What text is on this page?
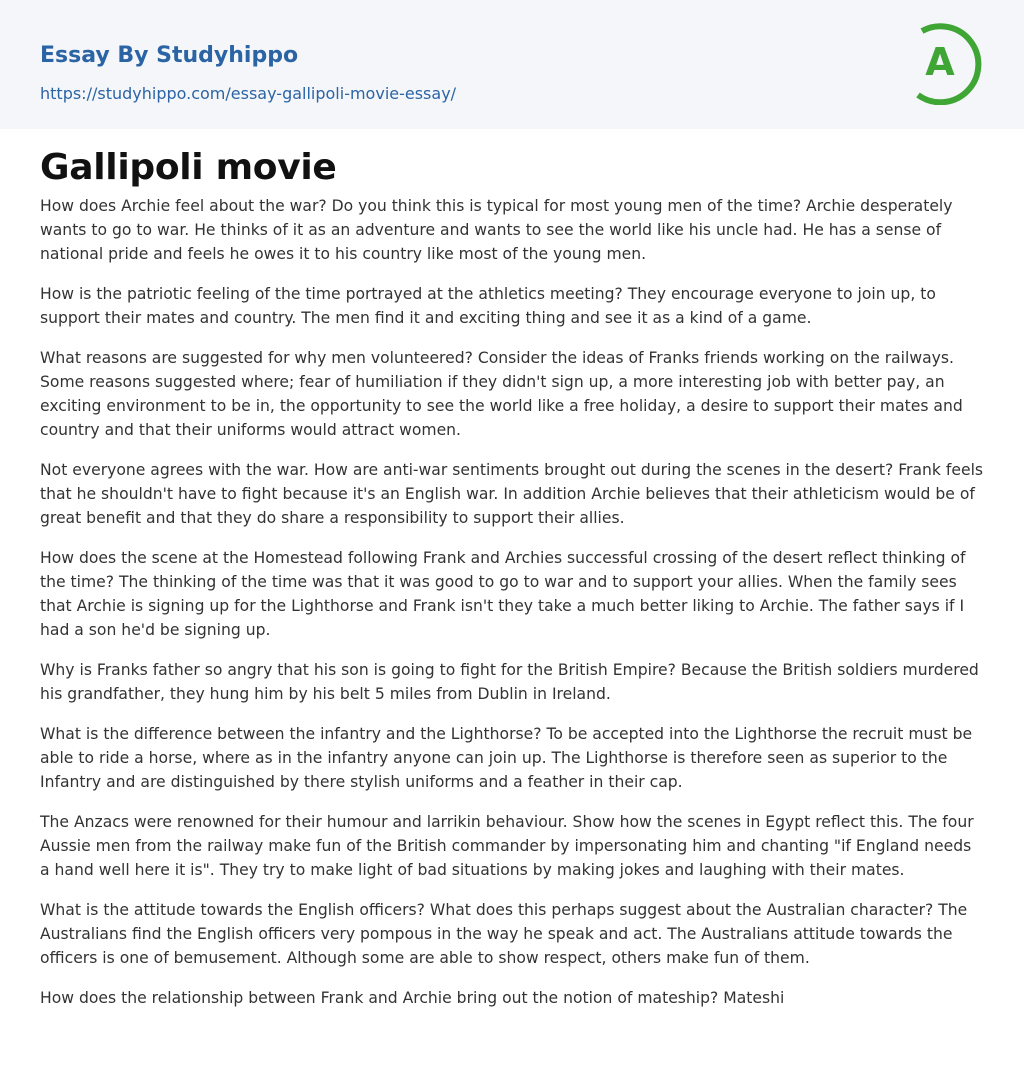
Essay By Studyhippo
https://studyhippo.com/essay-gallipoli-movie-essay/
A
Gallipoli movie

How does Archie feel about the war? Do you think this is typical for most young men of the time? Archie desperately wants to go to war. He thinks of it as an adventure and wants to see the world like his uncle had. He has a sense of national pride and feels he owes it to his country like most of the young men.

How is the patriotic feeling of the time portrayed at the athletics meeting? They encourage everyone to join up, to support their mates and country. The men find it and exciting thing and see it as a kind of a game.

What reasons are suggested for why men volunteered? Consider the ideas of Franks friends working on the railways. Some reasons suggested where; fear of humiliation if they didn't sign up, a more interesting job with better pay, an exciting environment to be in, the opportunity to see the world like a free holiday, a desire to support their mates and country and that their uniforms would attract women.

Not everyone agrees with the war. How are anti-war sentiments brought out during the scenes in the desert? Frank feels that he shouldn't have to fight because it's an English war. In addition Archie believes that their athleticism would be of great benefit and that they do share a responsibility to support their allies.

How does the scene at the Homestead following Frank and Archies successful crossing of the desert reflect thinking of the time? The thinking of the time was that it was good to go to war and to support your allies. When the family sees that Archie is signing up for the Lighthorse and Frank isn't they take a much better liking to Archie. The father says if I had a son he'd be signing up.

Why is Franks father so angry that his son is going to fight for the British Empire? Because the British soldiers murdered his grandfather, they hung him by his belt 5 miles from Dublin in Ireland.

What is the difference between the infantry and the Lighthorse? To be accepted into the Lighthorse the recruit must be able to ride a horse, where as in the infantry anyone can join up. The Lighthorse is therefore seen as superior to the Infantry and are distinguished by there stylish uniforms and a feather in their cap.

The Anzacs were renowned for their humour and larrikin behaviour. Show how the scenes in Egypt reflect this. The four Aussie men from the railway make fun of the British commander by impersonating him and chanting "if England needs a hand well here it is". They try to make light of bad situations by making jokes and laughing with their mates.

What is the attitude towards the English officers? What does this perhaps suggest about the Australian character? The Australians find the English officers very pompous in the way he speak and act. The Australians attitude towards the officers is one of bemusement. Although some are able to show respect, others make fun of them.

How does the relationship between Frank and Archie bring out the notion of mateship? Mateshi
